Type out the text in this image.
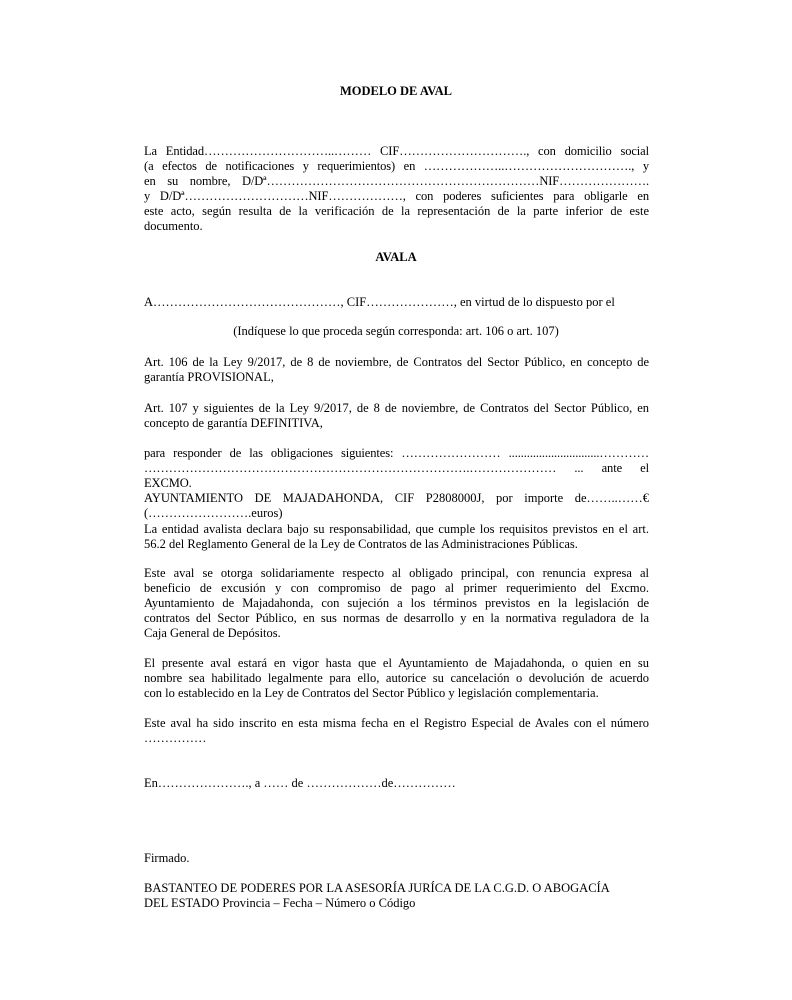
MODELO DE AVAL
La Entidad…………………………..……… CIF…………………………., con domicilio social
(a efectos de notificaciones y requerimientos) en ………………..…………………………., y
en su nombre, D/Dª…………………………………………………………NIF………………….
y D/Dª…………………………NIF………………, con poderes suficientes para obligarle en
este acto, según resulta de la verificación de la representación de la parte inferior de este
documento.
AVALA
A………………………………………, CIF…………………, en virtud de lo dispuesto por el
(Indíquese lo que proceda según corresponda: art. 106 o art. 107)
Art. 106 de la Ley 9/2017, de 8 de noviembre, de Contratos del Sector Público, en concepto de
garantía PROVISIONAL,
Art. 107 y siguientes de la Ley 9/2017, de 8 de noviembre, de Contratos del Sector Público, en
concepto de garantía DEFINITIVA,
para responder de las obligaciones siguientes: …………………… ..............................…………
…………………………………………………………………….………………… ... ante el EXCMO.
AYUNTAMIENTO DE MAJADAHONDA, CIF P2808000J, por importe de……..……€
(…………………….euros)
La entidad avalista declara bajo su responsabilidad, que cumple los requisitos previstos en el art.
56.2 del Reglamento General de la Ley de Contratos de las Administraciones Públicas.
Este aval se otorga solidariamente respecto al obligado principal, con renuncia expresa al
beneficio de excusión y con compromiso de pago al primer requerimiento del Excmo.
Ayuntamiento de Majadahonda, con sujeción a los términos previstos en la legislación de
contratos del Sector Público, en sus normas de desarrollo y en la normativa reguladora de la
Caja General de Depósitos.
El presente aval estará en vigor hasta que el Ayuntamiento de Majadahonda, o quien en su
nombre sea habilitado legalmente para ello, autorice su cancelación o devolución de acuerdo
con lo establecido en la Ley de Contratos del Sector Público y legislación complementaria.
Este aval ha sido inscrito en esta misma fecha en el Registro Especial de Avales con el número
……………
En…………………., a …… de ………………de……………
Firmado.
BASTANTEO DE PODERES POR LA ASESORÍA JURÍCA DE LA C.G.D. O ABOGACÍA
DEL ESTADO Provincia – Fecha – Número o Código
